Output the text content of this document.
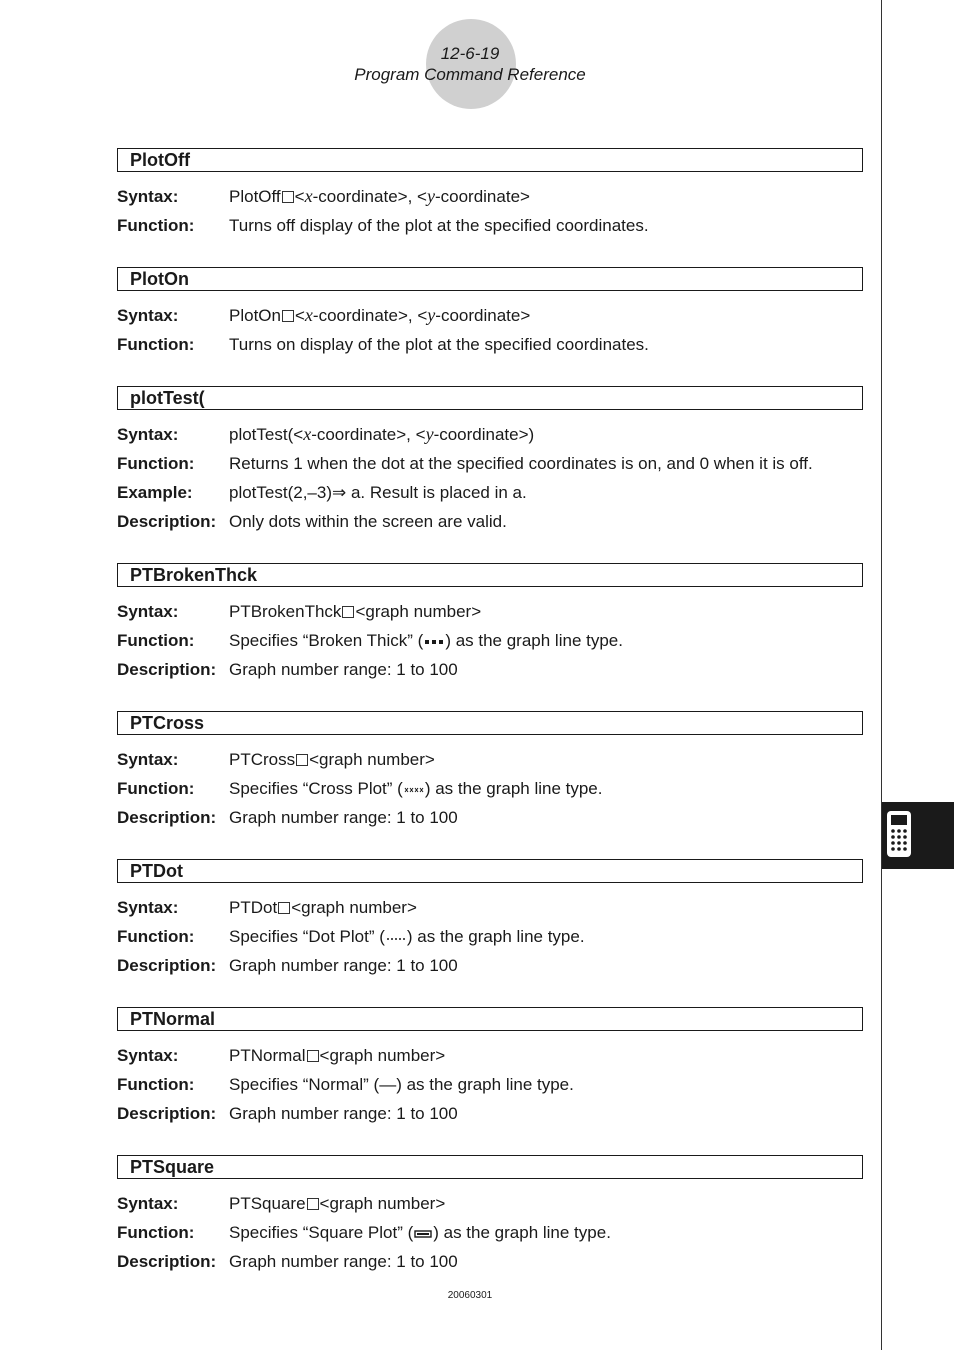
12-6-19
Program Command Reference
PlotOff
Syntax:	PlotOff <x-coordinate>, <y-coordinate>
Function:	Turns off display of the plot at the specified coordinates.
PlotOn
Syntax:	PlotOn <x-coordinate>, <y-coordinate>
Function:	Turns on display of the plot at the specified coordinates.
plotTest(
Syntax:	plotTest(<x-coordinate>, <y-coordinate>)
Function:	Returns 1 when the dot at the specified coordinates is on, and 0 when it is off.
Example:	plotTest(2,–3)⇒ a. Result is placed in a.
Description: Only dots within the screen are valid.
PTBrokenThck
Syntax:	PTBrokenThck <graph number>
Function:	Specifies “Broken Thick” ( ) as the graph line type.
Description: Graph number range: 1 to 100
PTCross
Syntax:	PTCross <graph number>
Function:	Specifies “Cross Plot” ( ) as the graph line type.
Description: Graph number range: 1 to 100
PTDot
Syntax:	PTDot <graph number>
Function:	Specifies “Dot Plot” ( ) as the graph line type.
Description: Graph number range: 1 to 100
PTNormal
Syntax:	PTNormal <graph number>
Function:	Specifies “Normal” (—) as the graph line type.
Description: Graph number range: 1 to 100
PTSquare
Syntax:	PTSquare <graph number>
Function:	Specifies “Square Plot” ( ) as the graph line type.
Description: Graph number range: 1 to 100
20060301
